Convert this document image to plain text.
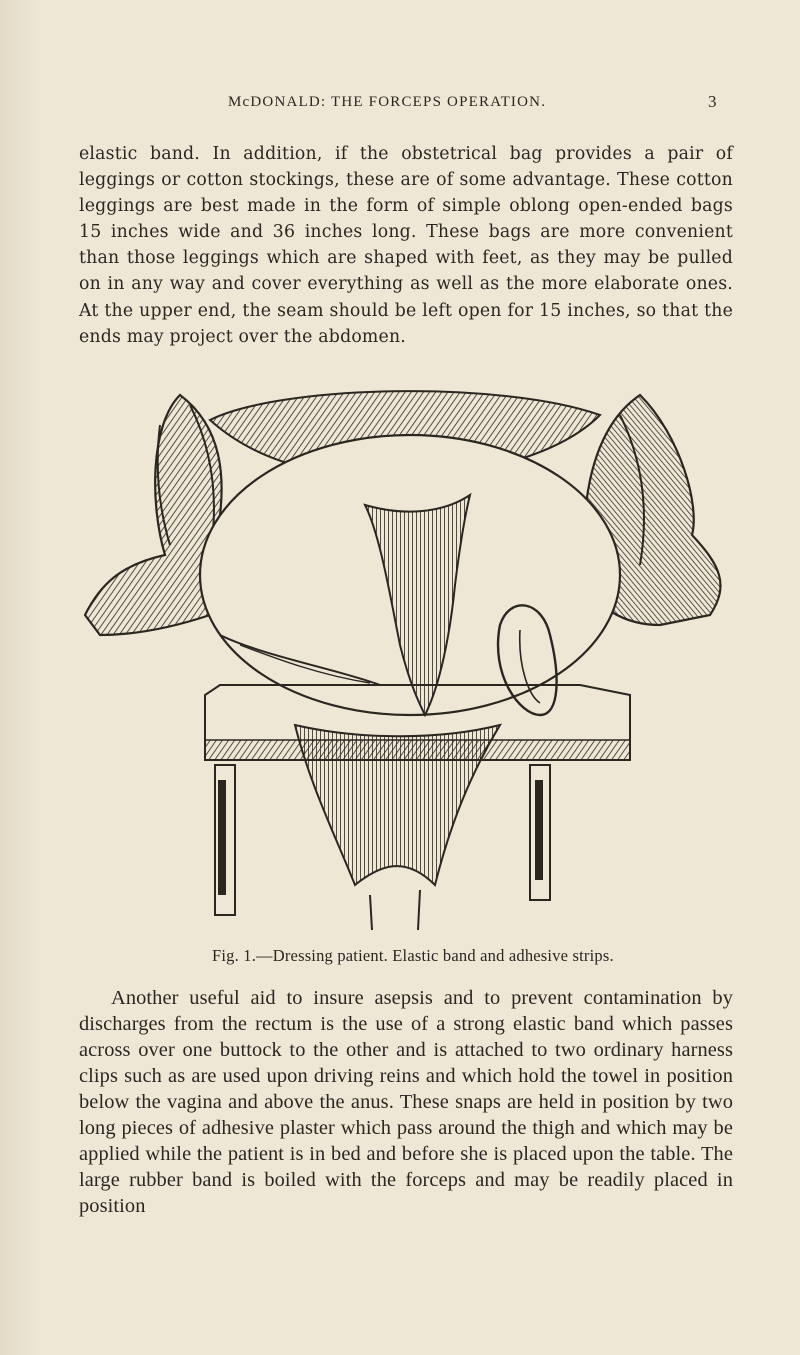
McDONALD: THE FORCEPS OPERATION.	3

elastic band. In addition, if the obstetrical bag provides a pair of leggings or cotton stockings, these are of some advantage. These cotton leggings are best made in the form of simple oblong open-ended bags 15 inches wide and 36 inches long. These bags are more convenient than those leggings which are shaped with feet, as they may be pulled on in any way and cover everything as well as the more elaborate ones. At the upper end, the seam should be left open for 15 inches, so that the ends may project over the abdomen.

Fig. 1.—Dressing patient. Elastic band and adhesive strips.

Another useful aid to insure asepsis and to prevent contamination by discharges from the rectum is the use of a strong elastic band which passes across over one buttock to the other and is attached to two ordinary harness clips such as are used upon driving reins and which hold the towel in position below the vagina and above the anus. These snaps are held in position by two long pieces of adhesive plaster which pass around the thigh and which may be applied while the patient is in bed and before she is placed upon the table. The large rubber band is boiled with the forceps and may be readily placed in position
